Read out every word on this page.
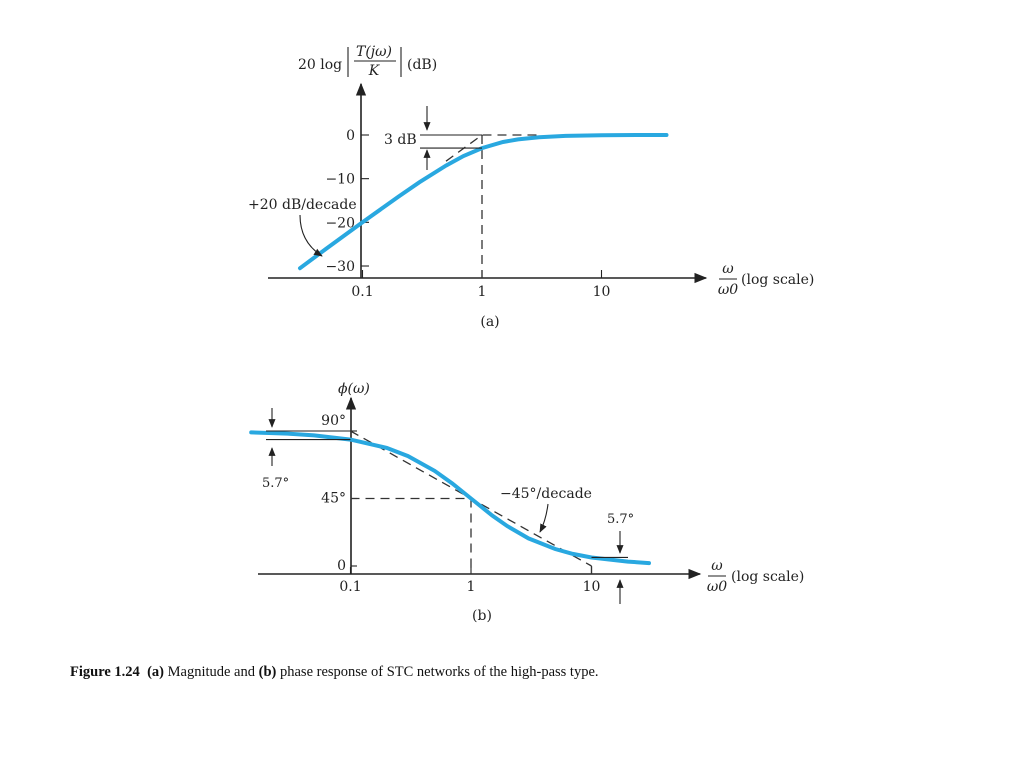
20 log
T(jω)
K (dB)
0
−10
−20
−30
0.1	1	10
3 dB
+20 dB/decade
ω
ω0
(log scale)
(a)
ϕ(ω)
90°
45°
0
0.1	1	10
5.7°
−45°/decade
5.7°
ω
ω0
(log scale)
(b)
Figure 1.24 (a) Magnitude and (b) phase response of STC networks of the high-pass type.
